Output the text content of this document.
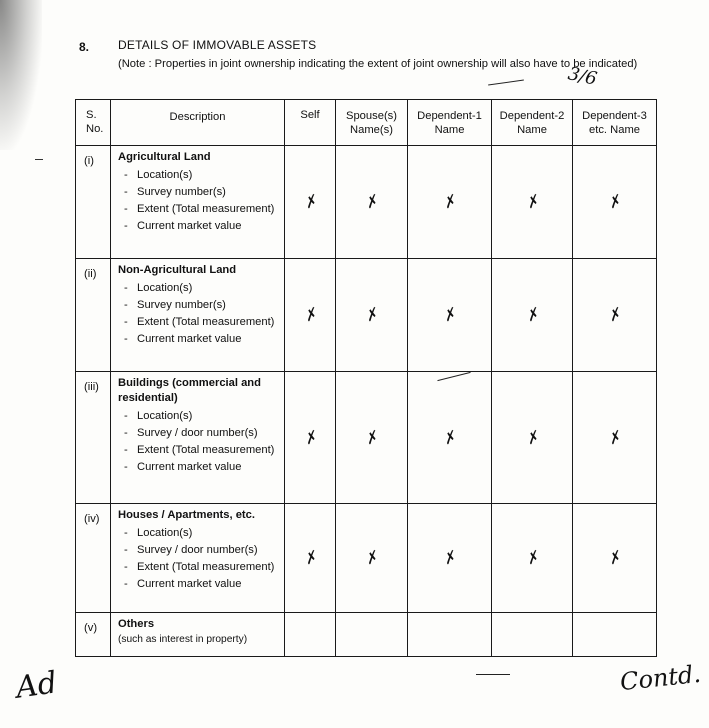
8. DETAILS OF IMMOVABLE ASSETS
(Note : Properties in joint ownership indicating the extent of joint ownership will also have to be indicated)
3/6
S. No.	Description	Self	Spouse(s) Name(s)	Dependent-1 Name	Dependent-2 Name	Dependent-3 etc. Name
(i)	Agricultural Land
- Location(s)
- Survey number(s)
- Extent (Total measurement)
- Current market value	✗	✗	✗	✗	✗
(ii)	Non-Agricultural Land
- Location(s)
- Survey number(s)
- Extent (Total measurement)
- Current market value	✗	✗	✗	✗	✗
(iii)	Buildings (commercial and residential)
- Location(s)
- Survey / door number(s)
- Extent (Total measurement)
- Current market value	✗	✗	✗	✗	✗
(iv)	Houses / Apartments, etc.
- Location(s)
- Survey / door number(s)
- Extent (Total measurement)
- Current market value	✗	✗	✗	✗	✗
(v)	Others
(such as interest in property)					

Ad	Contd.
